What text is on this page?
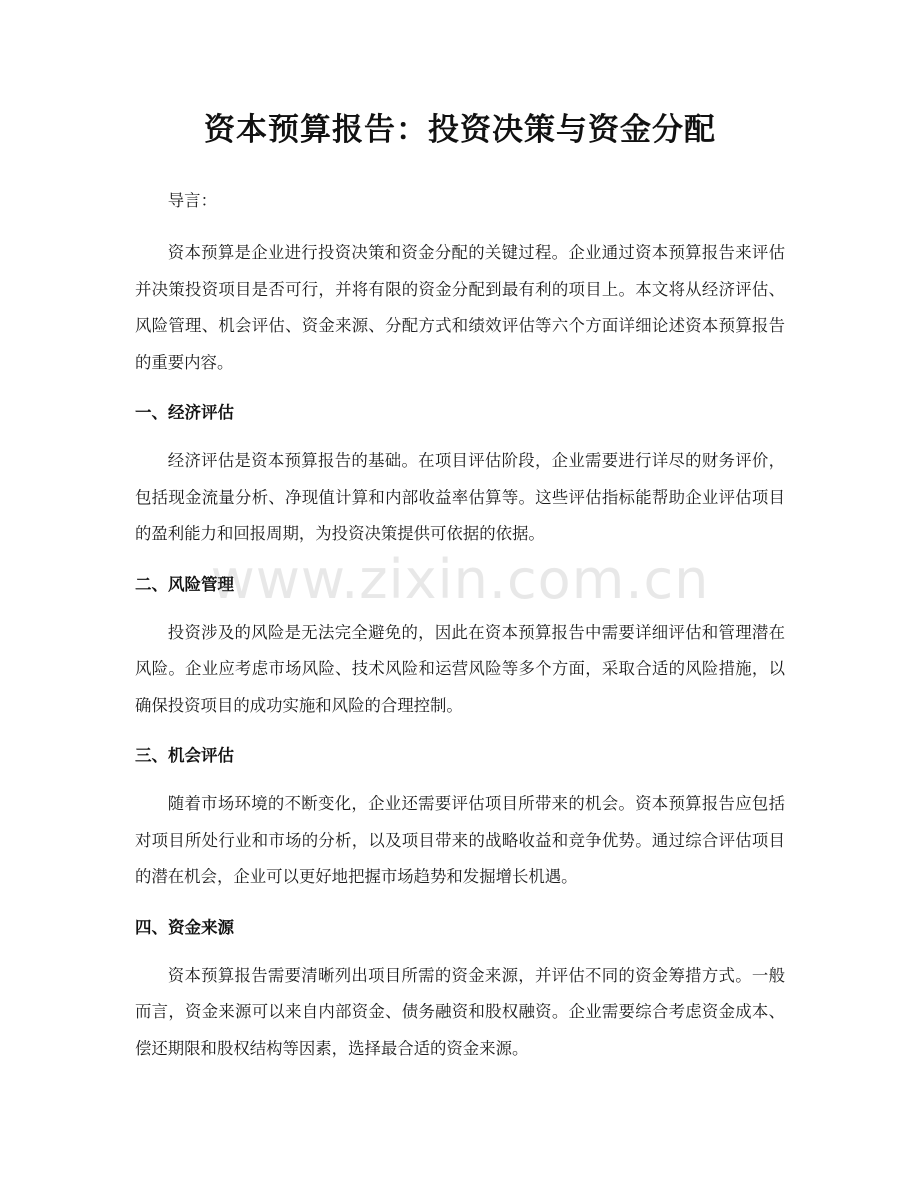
资本预算报告：投资决策与资金分配

导言：

资本预算是企业进行投资决策和资金分配的关键过程。企业通过资本预算报告来评估并决策投资项目是否可行，并将有限的资金分配到最有利的项目上。本文将从经济评估、风险管理、机会评估、资金来源、分配方式和绩效评估等六个方面详细论述资本预算报告的重要内容。

一、经济评估

经济评估是资本预算报告的基础。在项目评估阶段，企业需要进行详尽的财务评价，包括现金流量分析、净现值计算和内部收益率估算等。这些评估指标能帮助企业评估项目的盈利能力和回报周期，为投资决策提供可依据的依据。

二、风险管理

投资涉及的风险是无法完全避免的，因此在资本预算报告中需要详细评估和管理潜在风险。企业应考虑市场风险、技术风险和运营风险等多个方面，采取合适的风险措施，以确保投资项目的成功实施和风险的合理控制。

三、机会评估

随着市场环境的不断变化，企业还需要评估项目所带来的机会。资本预算报告应包括对项目所处行业和市场的分析，以及项目带来的战略收益和竞争优势。通过综合评估项目的潜在机会，企业可以更好地把握市场趋势和发掘增长机遇。

四、资金来源

资本预算报告需要清晰列出项目所需的资金来源，并评估不同的资金筹措方式。一般而言，资金来源可以来自内部资金、债务融资和股权融资。企业需要综合考虑资金成本、偿还期限和股权结构等因素，选择最合适的资金来源。

www.zixin.com.cn
